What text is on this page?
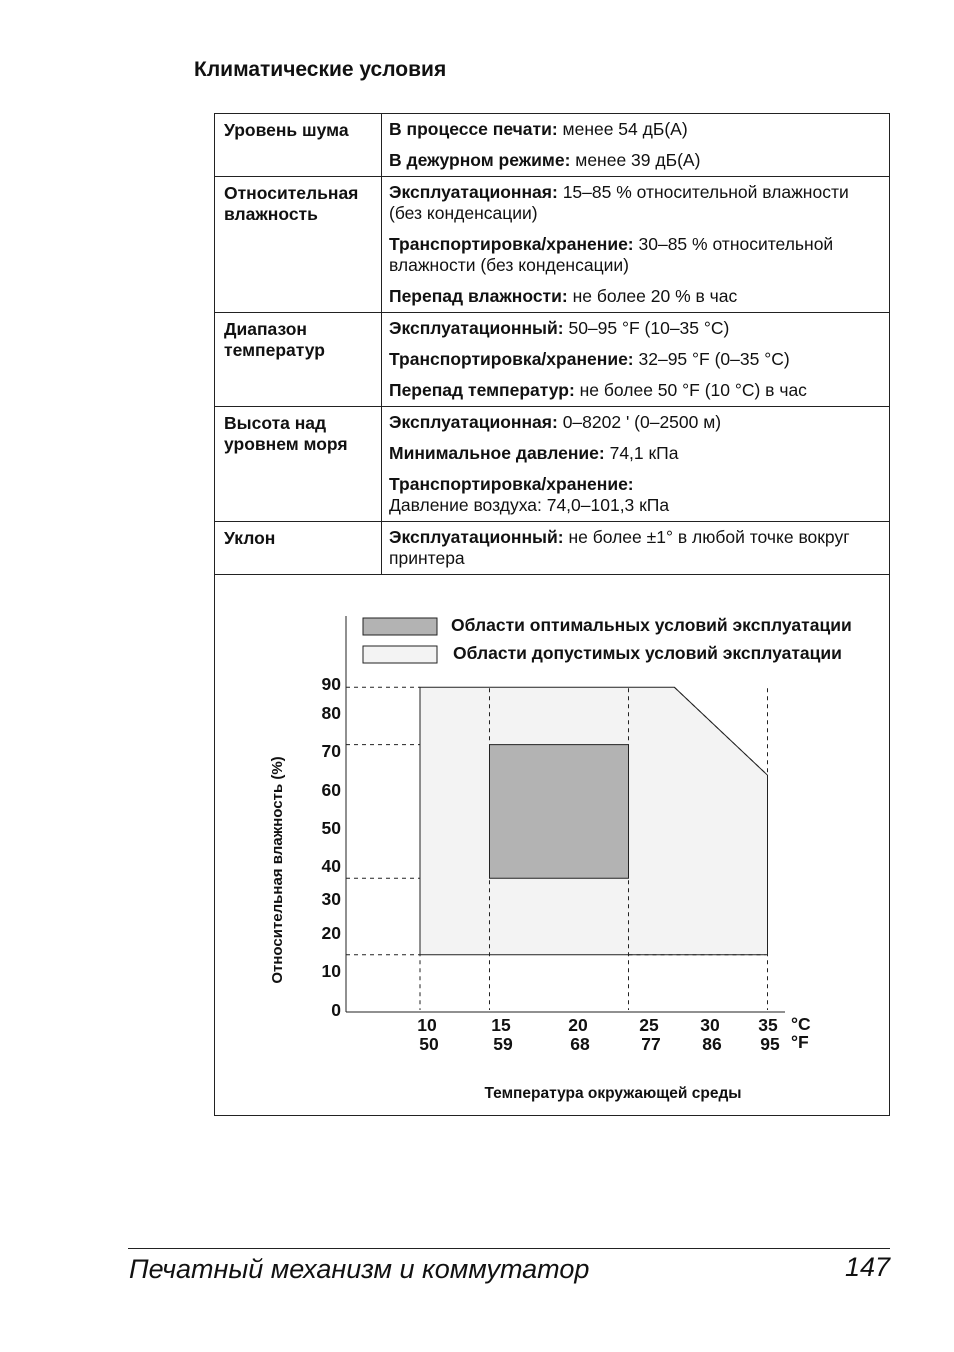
Климатические условия
Уровень шума	В процессе печати: менее 54 дБ(А)
В дежурном режиме: менее 39 дБ(А)

Относительная влажность	Эксплуатационная: 15–85 % относительной влажности (без конденсации)
Транспортировка/хранение: 30–85 % относительной влажности (без конденсации)
Перепад влажности: не более 20 % в час

Диапазон температур	Эксплуатационный: 50–95 °F (10–35 °C)
Транспортировка/хранение: 32–95 °F (0–35 °C)
Перепад температур: не более 50 °F (10 °C) в час

Высота над уровнем моря	Эксплуатационная: 0–8202 ' (0–2500 м)
Минимальное давление: 74,1 кПа
Транспортировка/хранение:
Давление воздуха: 74,0–101,3 кПа

Уклон	Эксплуатационный: не более ±1° в любой точке вокруг принтера
Области оптимальных условий эксплуатации
Области допустимых условий эксплуатации
Относительная влажность (%)
Температура окружающей среды
0
10
20
30
40
50
60
70
80
90
10	15	20	25 30 35
50	59	68	77 86 95
°C
°F
Печатный механизм и коммутатор	147
